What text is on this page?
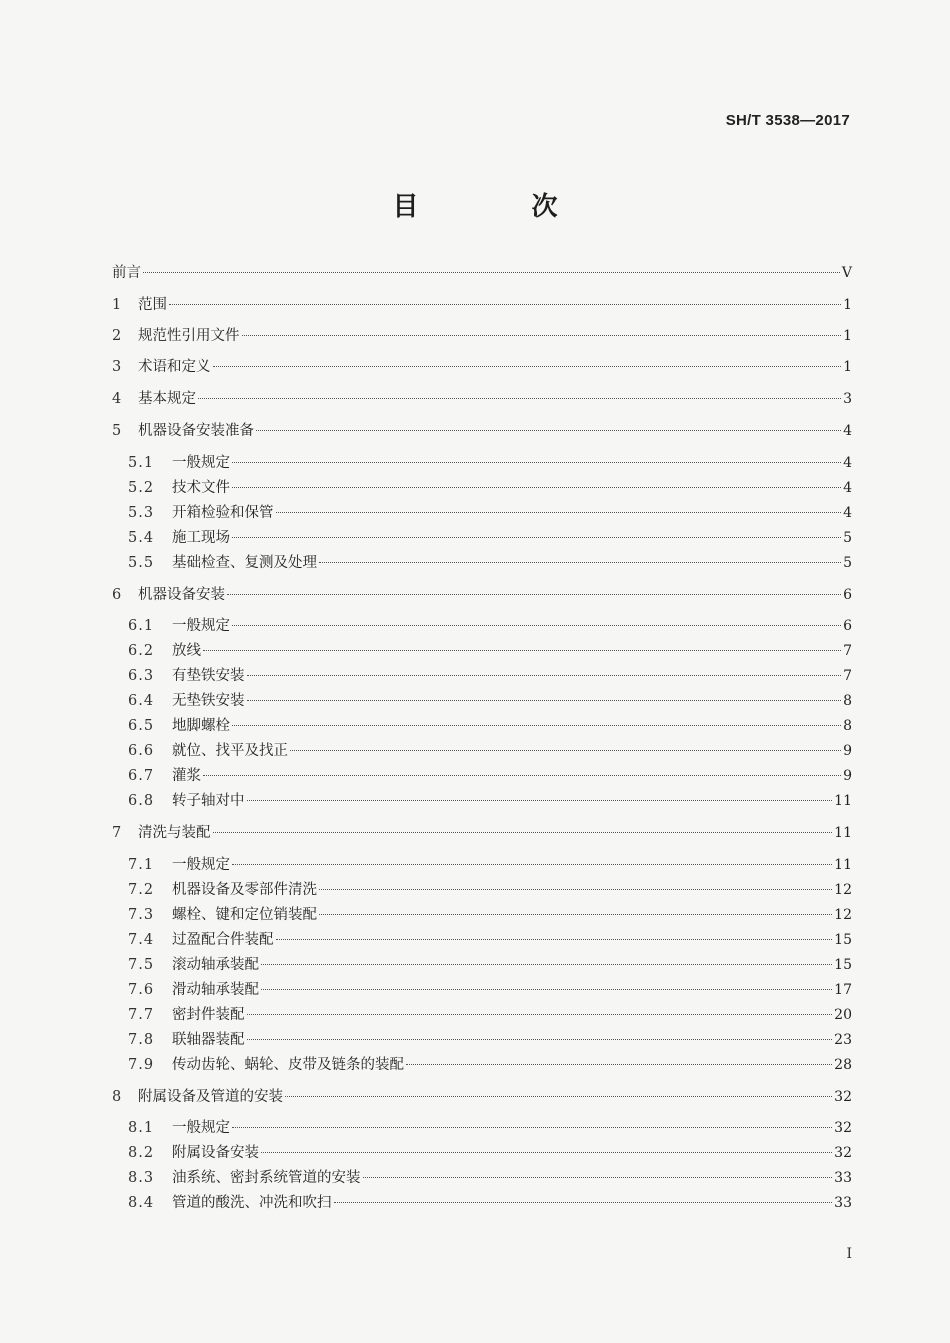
SH/T 3538—2017
目 次
前言	V
1	范围	1
2	规范性引用文件	1
3	术语和定义	1
4	基本规定	3
5	机器设备安装准备	4
5.1	一般规定	4
5.2	技术文件	4
5.3	开箱检验和保管	4
5.4	施工现场	5
5.5	基础检查、复测及处理	5
6	机器设备安装	6
6.1	一般规定	6
6.2	放线	7
6.3	有垫铁安装	7
6.4	无垫铁安装	8
6.5	地脚螺栓	8
6.6	就位、找平及找正	9
6.7	灌浆	9
6.8	转子轴对中	11
7	清洗与装配	11
7.1	一般规定	11
7.2	机器设备及零部件清洗	12
7.3	螺栓、键和定位销装配	12
7.4	过盈配合件装配	15
7.5	滚动轴承装配	15
7.6	滑动轴承装配	17
7.7	密封件装配	20
7.8	联轴器装配	23
7.9	传动齿轮、蜗轮、皮带及链条的装配	28
8	附属设备及管道的安装	32
8.1	一般规定	32
8.2	附属设备安装	32
8.3	油系统、密封系统管道的安装	33
8.4	管道的酸洗、冲洗和吹扫	33
I
